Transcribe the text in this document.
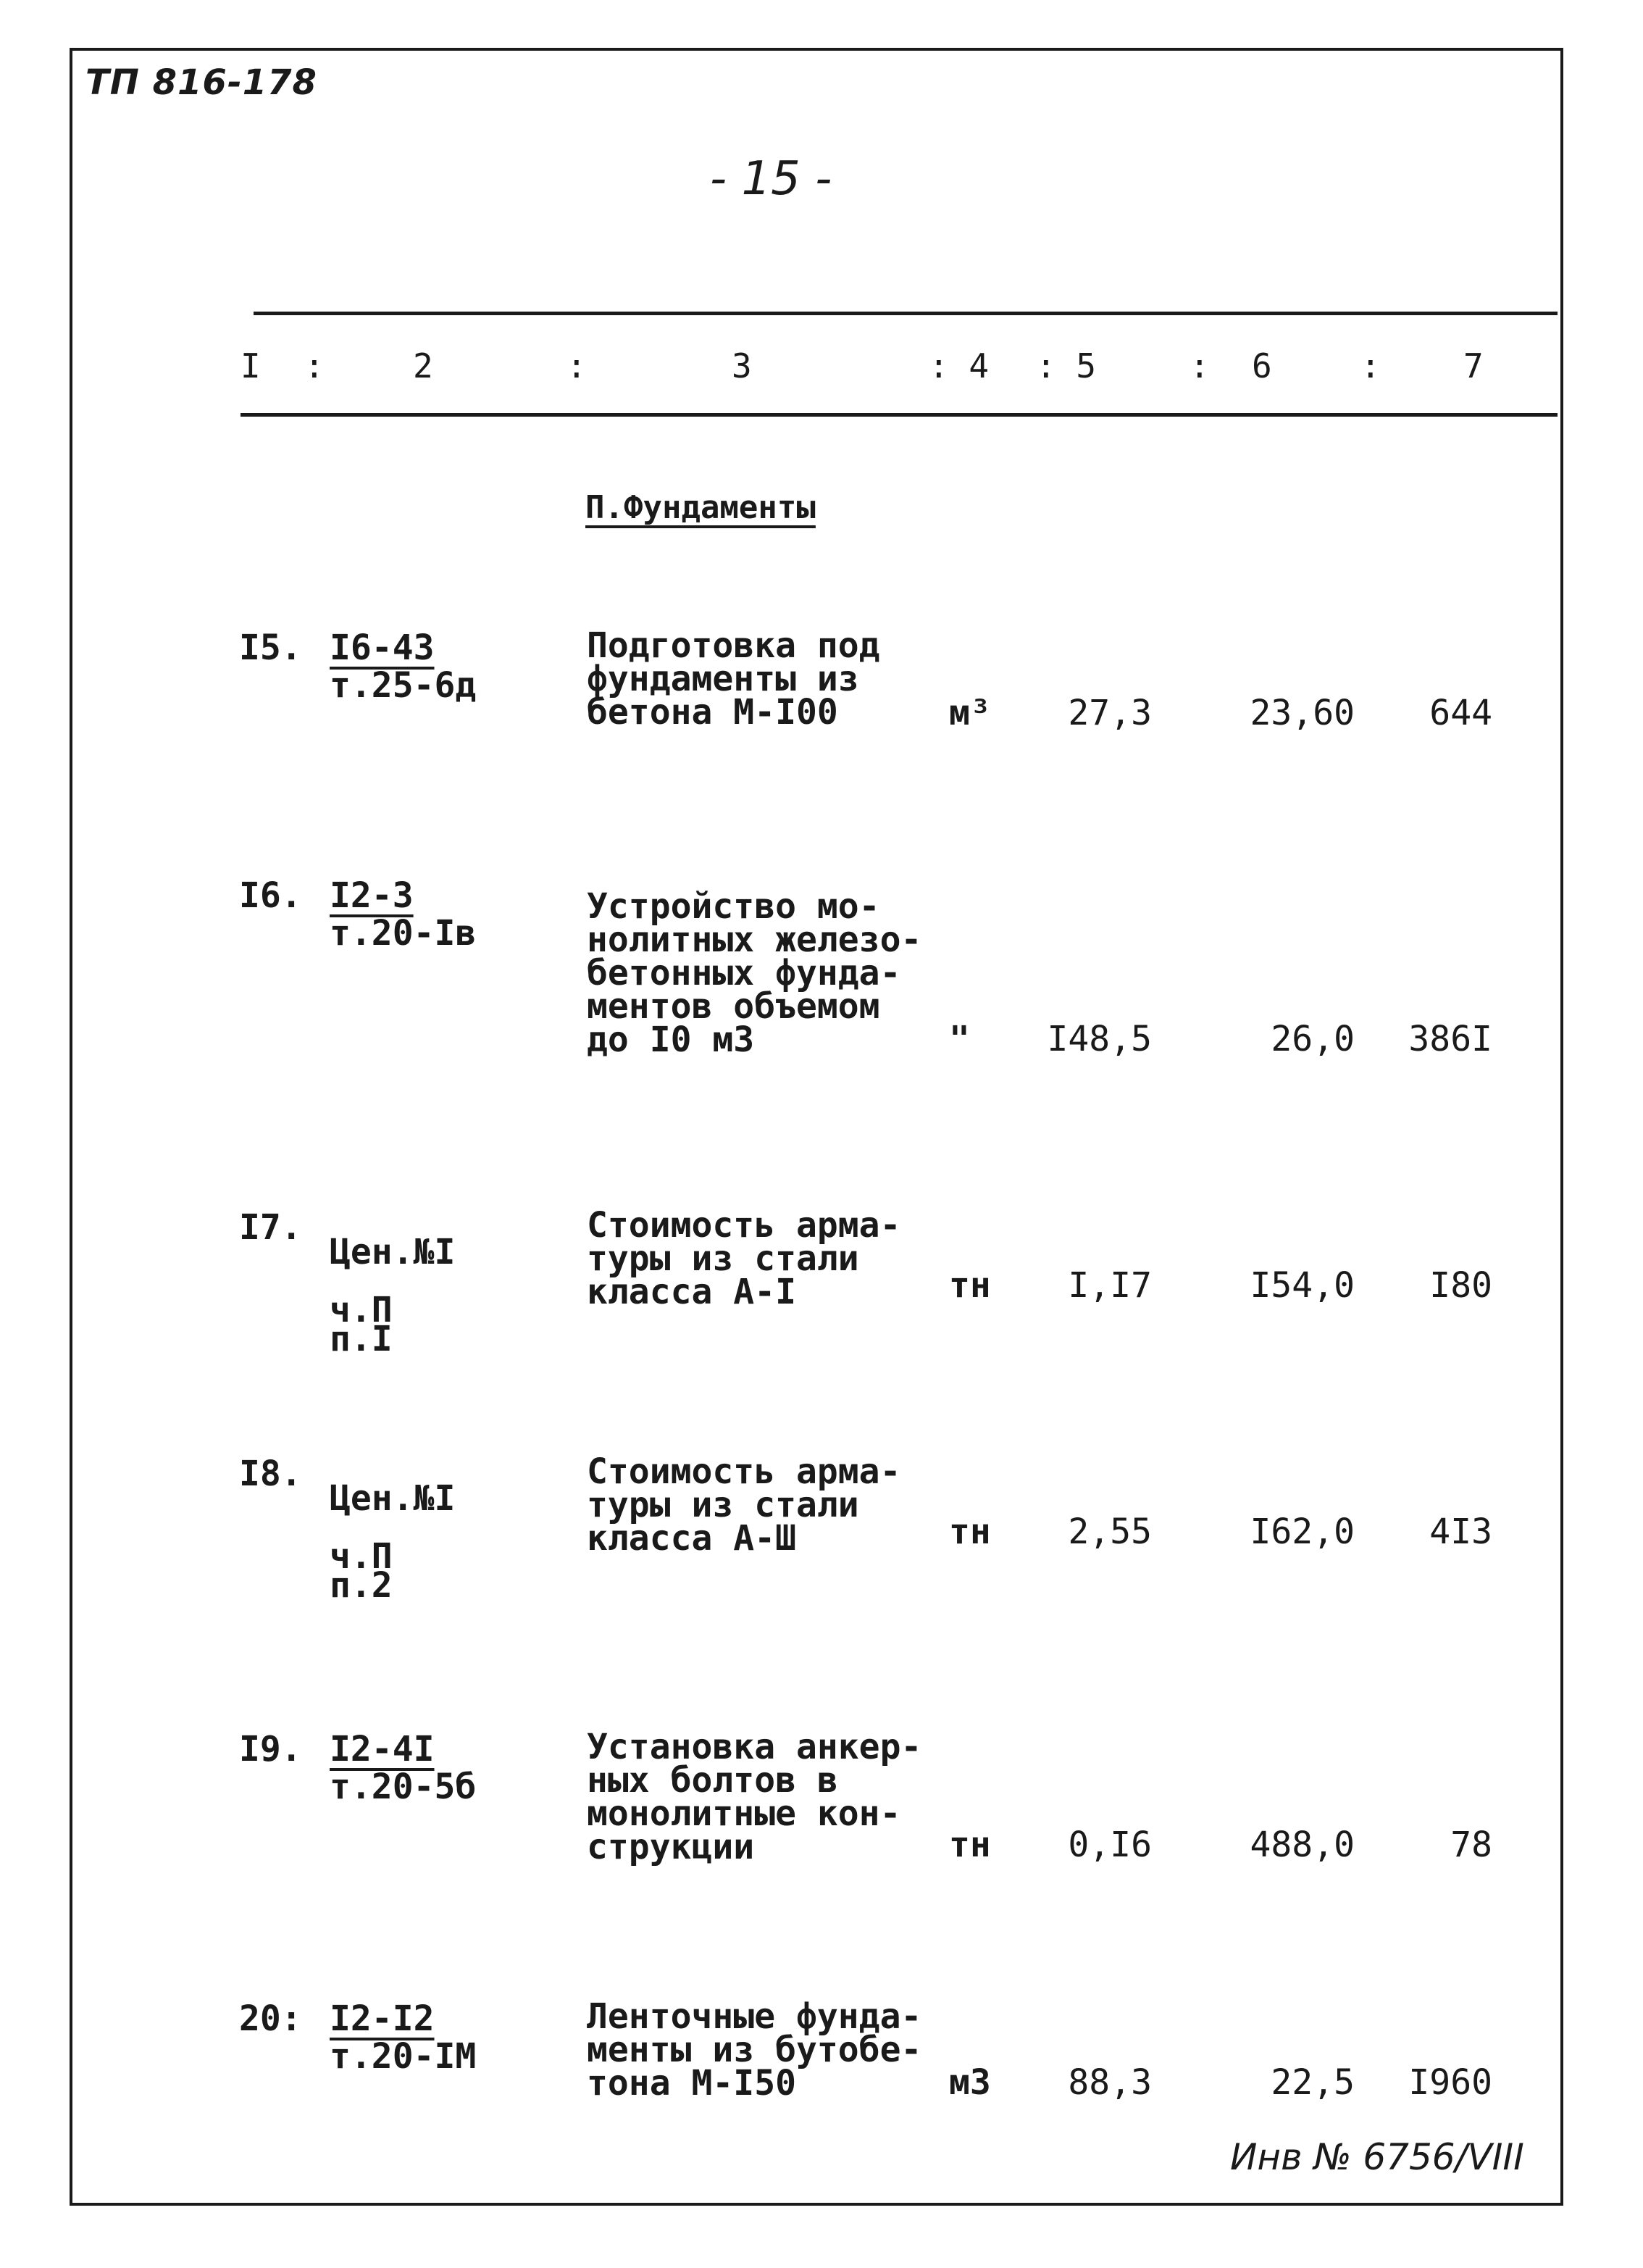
ТП 816-178
- 15 -
I :	2	:	3	: 4 : 5	: 6	: 7
П.Фундаменты
I5. I6-43
т.25-6д
Подготовка под
фундаменты из
бетона М-I00	м³	27,3	23,60	644
I6. I2-3
т.20-Iв
Устройство мо-
нолитных железо-
бетонных фунда-
ментов объемом
до I0 м3	"	I48,5	26,0	386I
I7.

Цен.№I

ч.П
п.I

Стоимость арма-
туры из стали
класса А-I	тн	I,I7	I54,0	I80
I8.

Цен.№I

ч.П
п.2

Стоимость арма-
туры из стали
класса А-Ш	тн	2,55	I62,0	4I3
I9. I2-4I
т.20-5б
Установка анкер-
ных болтов в
монолитные кон-
струкции	тн	0,I6	488,0	78
20: I2-I2
т.20-IМ
Ленточные фунда-
менты из бутобе-
тона М-I50	м3	88,3	22,5	I960
Инв № 6756/VIII
